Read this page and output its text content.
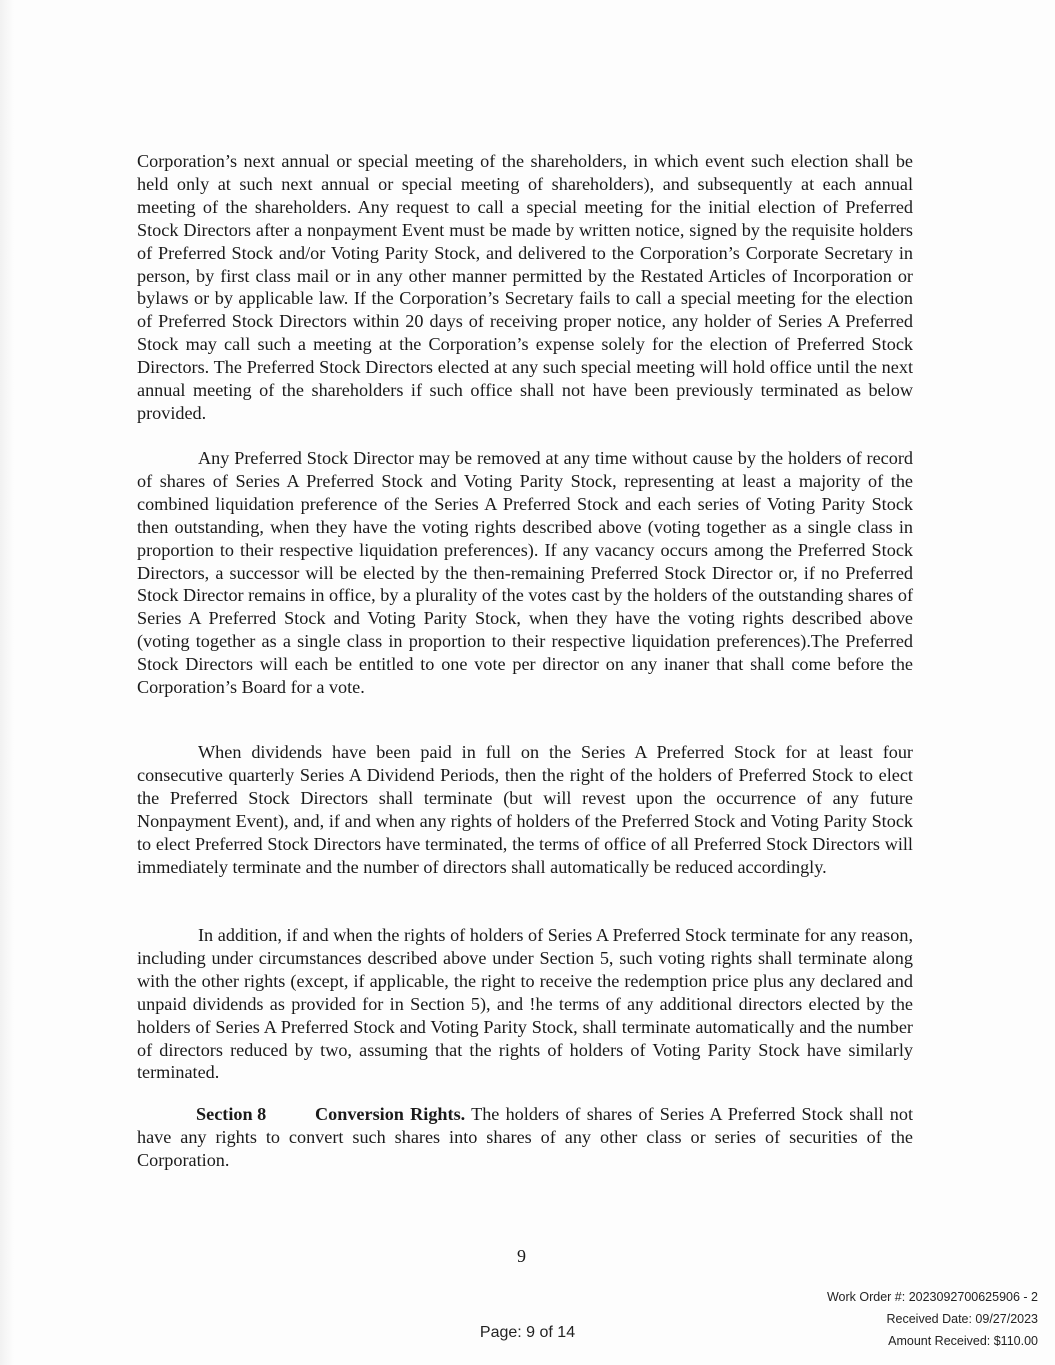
Corporation’s next annual or special meeting of the shareholders, in which event such election shall be held only at such next annual or special meeting of shareholders), and subsequently at each annual meeting of the shareholders. Any request to call a special meeting for the initial election of Preferred Stock Directors after a nonpayment Event must be made by written notice, signed by the requisite holders of Preferred Stock and/or Voting Parity Stock, and delivered to the Corporation’s Corporate Secretary in person, by first class mail or in any other manner permitted by the Restated Articles of Incorporation or bylaws or by applicable law. If the Corporation’s Secretary fails to call a special meeting for the election of Preferred Stock Directors within 20 days of receiving proper notice, any holder of Series A Preferred Stock may call such a meeting at the Corporation’s expense solely for the election of Preferred Stock Directors. The Preferred Stock Directors elected at any such special meeting will hold office until the next annual meeting of the shareholders if such office shall not have been previously terminated as below provided.

Any Preferred Stock Director may be removed at any time without cause by the holders of record of shares of Series A Preferred Stock and Voting Parity Stock, representing at least a majority of the combined liquidation preference of the Series A Preferred Stock and each series of Voting Parity Stock then outstanding, when they have the voting rights described above (voting together as a single class in proportion to their respective liquidation preferences). If any vacancy occurs among the Preferred Stock Directors, a successor will be elected by the then-remaining Preferred Stock Director or, if no Preferred Stock Director remains in office, by a plurality of the votes cast by the holders of the outstanding shares of Series A Preferred Stock and Voting Parity Stock, when they have the voting rights described above (voting together as a single class in proportion to their respective liquidation preferences).The Preferred Stock Directors will each be entitled to one vote per director on any inaner that shall come before the Corporation’s Board for a vote.

When dividends have been paid in full on the Series A Preferred Stock for at least four consecutive quarterly Series A Dividend Periods, then the right of the holders of Preferred Stock to elect the Preferred Stock Directors shall terminate (but will revest upon the occurrence of any future Nonpayment Event), and, if and when any rights of holders of the Preferred Stock and Voting Parity Stock to elect Preferred Stock Directors have terminated, the terms of office of all Preferred Stock Directors will immediately terminate and the number of directors shall automatically be reduced accordingly.

In addition, if and when the rights of holders of Series A Preferred Stock terminate for any reason, including under circumstances described above under Section 5, such voting rights shall terminate along with the other rights (except, if applicable, the right to receive the redemption price plus any declared and unpaid dividends as provided for in Section 5), and !he terms of any additional directors elected by the holders of Series A Preferred Stock and Voting Parity Stock, shall terminate automatically and the number of directors reduced by two, assuming that the rights of holders of Voting Parity Stock have similarly terminated.

Section 8	Conversion Rights. The holders of shares of Series A Preferred Stock shall not have any rights to convert such shares into shares of any other class or series of securities of the Corporation.

9

Page: 9 of 14

Work Order #: 2023092700625906 - 2
Received Date: 09/27/2023
Amount Received: $110.00
